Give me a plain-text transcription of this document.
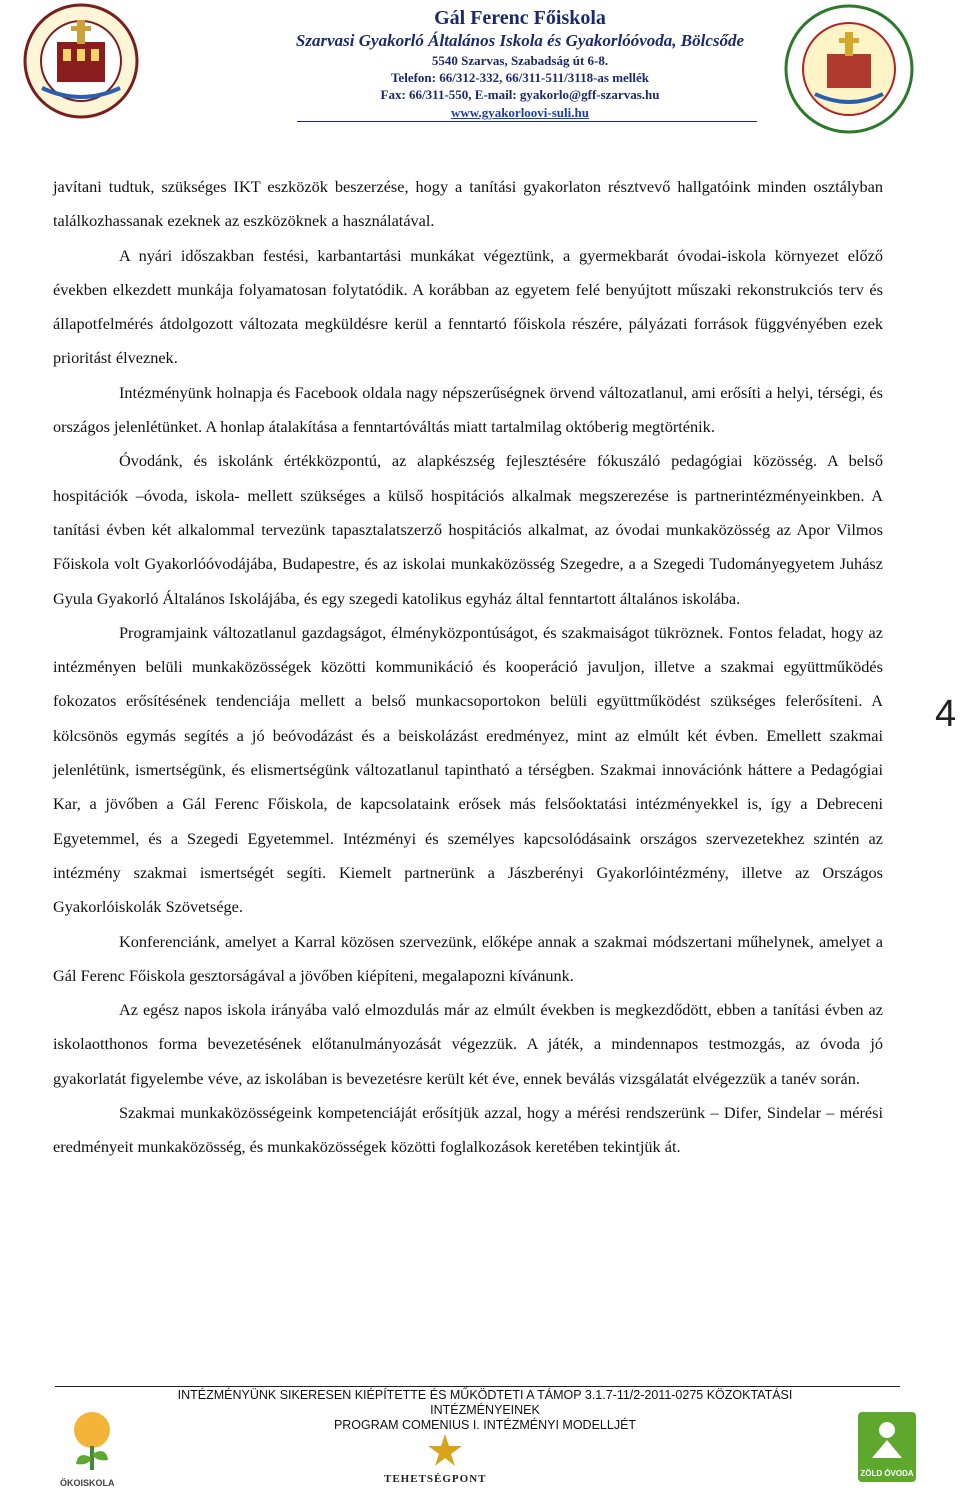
Gál Ferenc Főiskola
Szarvasi Gyakorló Általános Iskola és Gyakorlóóvoda, Bölcsőde
5540 Szarvas, Szabadság út 6-8.
Telefon: 66/312-332, 66/311-511/3118-as mellék
Fax: 66/311-550, E-mail: gyakorlo@gff-szarvas.hu
www.gyakorloovi-suli.hu

javítani tudtuk, szükséges IKT eszközök beszerzése, hogy a tanítási gyakorlaton résztvevő hallgatóink minden osztályban találkozhassanak ezeknek az eszközöknek a használatával.

A nyári időszakban festési, karbantartási munkákat végeztünk, a gyermekbarát óvodai-iskola környezet előző években elkezdett munkája folyamatosan folytatódik. A korábban az egyetem felé benyújtott műszaki rekonstrukciós terv és állapotfelmérés átdolgozott változata megküldésre kerül a fenntartó főiskola részére, pályázati források függvényében ezek prioritást élveznek.

Intézményünk holnapja és Facebook oldala nagy népszerűségnek örvend változatlanul, ami erősíti a helyi, térségi, és országos jelenlétünket. A honlap átalakítása a fenntartóváltás miatt tartalmilag októberig megtörténik.

Óvodánk, és iskolánk értékközpontú, az alapkészség fejlesztésére fókuszáló pedagógiai közösség. A belső hospitációk –óvoda, iskola- mellett szükséges a külső hospitációs alkalmak megszerezése is partnerintézményeinkben. A tanítási évben két alkalommal tervezünk tapasztalatszerző hospitációs alkalmat, az óvodai munkaközösség az Apor Vilmos Főiskola volt Gyakorlóóvodájába, Budapestre, és az iskolai munkaközösség Szegedre, a a Szegedi Tudományegyetem Juhász Gyula Gyakorló Általános Iskolájába, és egy szegedi katolikus egyház által fenntartott általános iskolába.

Programjaink változatlanul gazdagságot, élményközpontúságot, és szakmaiságot tükröznek. Fontos feladat, hogy az intézményen belüli munkaközösségek közötti kommunikáció és kooperáció javuljon, illetve a szakmai együttműködés fokozatos erősítésének tendenciája mellett a belső munkacsoportokon belüli együttműködést szükséges felerősíteni. A kölcsönös egymás segítés a jó beóvodázást és a beiskolázást eredményez, mint az elmúlt két évben. Emellett szakmai jelenlétünk, ismertségünk, és elismertségünk változatlanul tapintható a térségben. Szakmai innovációnk háttere a Pedagógiai Kar, a jövőben a Gál Ferenc Főiskola, de kapcsolataink erősek más felsőoktatási intézményekkel is, így a Debreceni Egyetemmel, és a Szegedi Egyetemmel. Intézményi és személyes kapcsolódásaink országos szervezetekhez szintén az intézmény szakmai ismertségét segíti. Kiemelt partnerünk a Jászberényi Gyakorlóintézmény, illetve az Országos Gyakorlóiskolák Szövetsége.

Konferenciánk, amelyet a Karral közösen szervezünk, előképe annak a szakmai módszertani műhelynek, amelyet a Gál Ferenc Főiskola gesztorságával a jövőben kiépíteni, megalapozni kívánunk.

Az egész napos iskola irányába való elmozdulás már az elmúlt években is megkezdődött, ebben a tanítási évben az iskolaotthonos forma bevezetésének előtanulmányozását végezzük. A játék, a mindennapos testmozgás, az óvoda jó gyakorlatát figyelembe véve, az iskolában is bevezetésre került két éve, ennek beválás vizsgálatát elvégezzük a tanév során.

Szakmai munkaközösségeink kompetenciáját erősítjük azzal, hogy a mérési rendszerünk – Difer, Sindelar – mérési eredményeit munkaközösség, és munkaközösségek közötti foglalkozások keretében tekintjük át.

4
INTÉZMÉNYÜNK SIKERESEN KIÉPÍTETTE ÉS MŰKÖDTETI A TÁMOP 3.1.7-11/2-2011-0275 KÖZOKTATÁSI INTÉZMÉNYEINEK
PROGRAM COMENIUS I. INTÉZMÉNYI MODELLJÉT
ÖKOISKOLA	TEHETSÉGPONT	ZÖLD ÓVODA
